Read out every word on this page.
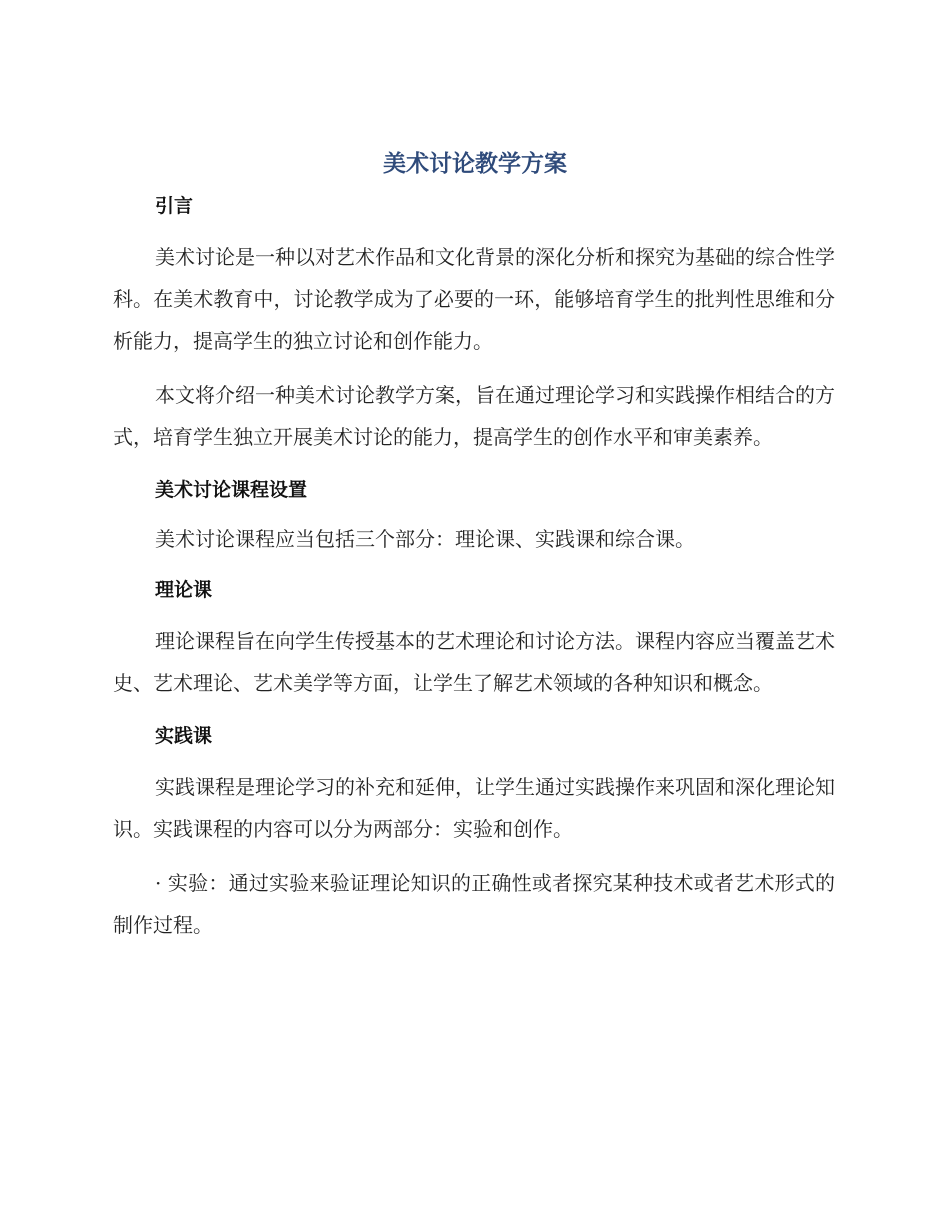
美术讨论教学方案
引言

美术讨论是一种以对艺术作品和文化背景的深化分析和探究为基础的综合性学科。在美术教育中，讨论教学成为了必要的一环，能够培育学生的批判性思维和分析能力，提高学生的独立讨论和创作能力。

本文将介绍一种美术讨论教学方案，旨在通过理论学习和实践操作相结合的方式，培育学生独立开展美术讨论的能力，提高学生的创作水平和审美素养。

美术讨论课程设置

美术讨论课程应当包括三个部分：理论课、实践课和综合课。

理论课

理论课程旨在向学生传授基本的艺术理论和讨论方法。课程内容应当覆盖艺术史、艺术理论、艺术美学等方面，让学生了解艺术领域的各种知识和概念。

实践课

实践课程是理论学习的补充和延伸，让学生通过实践操作来巩固和深化理论知识。实践课程的内容可以分为两部分：实验和创作。

· 实验：通过实验来验证理论知识的正确性或者探究某种技术或者艺术形式的制作过程。
